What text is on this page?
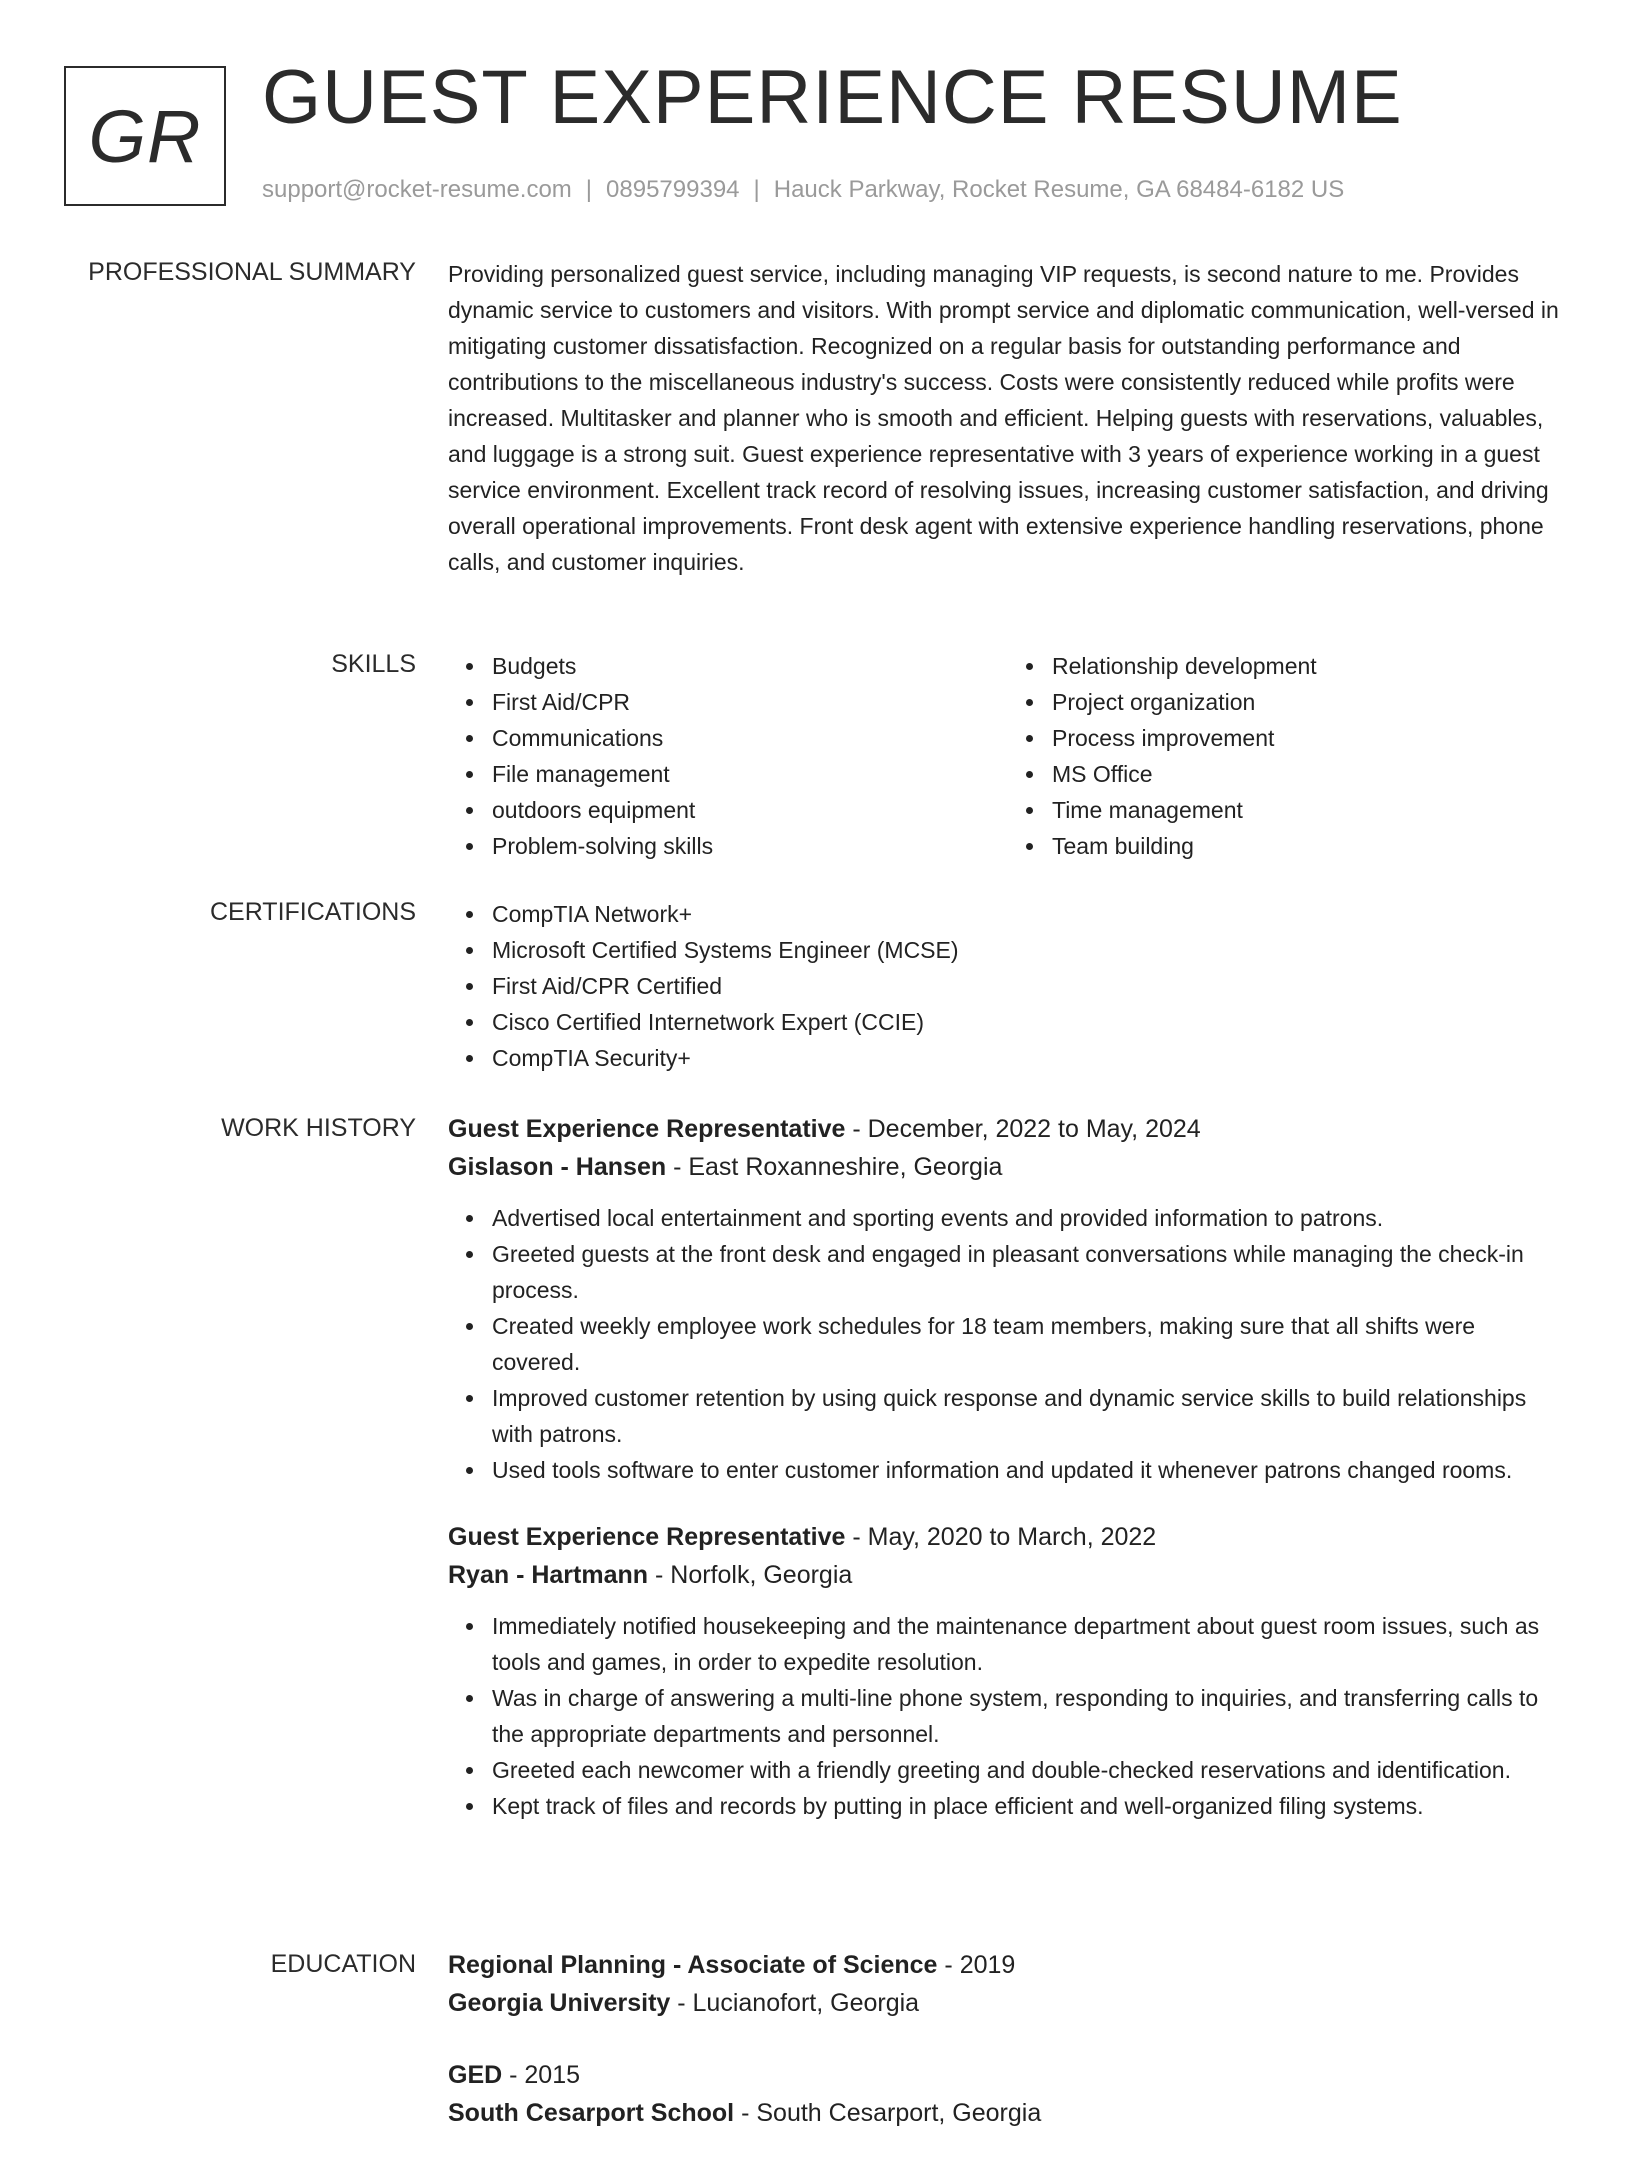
GR GUEST EXPERIENCE RESUME
support@rocket-resume.com | 0895799394 | Hauck Parkway, Rocket Resume, GA 68484-6182 US
PROFESSIONAL SUMMARY Providing personalized guest service, including managing VIP requests, is second nature to me. Provides dynamic service to customers and visitors. With prompt service and diplomatic communication, well-versed in mitigating customer dissatisfaction. Recognized on a regular basis for outstanding performance and contributions to the miscellaneous industry's success. Costs were consistently reduced while profits were increased. Multitasker and planner who is smooth and efficient. Helping guests with reservations, valuables, and luggage is a strong suit. Guest experience representative with 3 years of experience working in a guest service environment. Excellent track record of resolving issues, increasing customer satisfaction, and driving overall operational improvements. Front desk agent with extensive experience handling reservations, phone calls, and customer inquiries.

SKILLS	Budgets
First Aid/CPR
Communications
File management
outdoors equipment
Problem-solving skills
Relationship development
Project organization
Process improvement
MS Office
Time management
Team building
CERTIFICATIONS	CompTIA Network+
Microsoft Certified Systems Engineer (MCSE)
First Aid/CPR Certified
Cisco Certified Internetwork Expert (CCIE)
CompTIA Security+
WORK HISTORY Guest Experience Representative - December, 2022 to May, 2024
Gislason - Hansen - East Roxanneshire, Georgia
Advertised local entertainment and sporting events and provided information to patrons.
Greeted guests at the front desk and engaged in pleasant conversations while managing the check-in process.
Created weekly employee work schedules for 18 team members, making sure that all shifts were covered.
Improved customer retention by using quick response and dynamic service skills to build relationships with patrons.
Used tools software to enter customer information and updated it whenever patrons changed rooms.
Guest Experience Representative - May, 2020 to March, 2022
Ryan - Hartmann - Norfolk, Georgia
Immediately notified housekeeping and the maintenance department about guest room issues, such as tools and games, in order to expedite resolution.
Was in charge of answering a multi-line phone system, responding to inquiries, and transferring calls to the appropriate departments and personnel.
Greeted each newcomer with a friendly greeting and double-checked reservations and identification.
Kept track of files and records by putting in place efficient and well-organized filing systems.
EDUCATION Regional Planning - Associate of Science - 2019
Georgia University - Lucianofort, Georgia
GED - 2015
South Cesarport School - South Cesarport, Georgia
